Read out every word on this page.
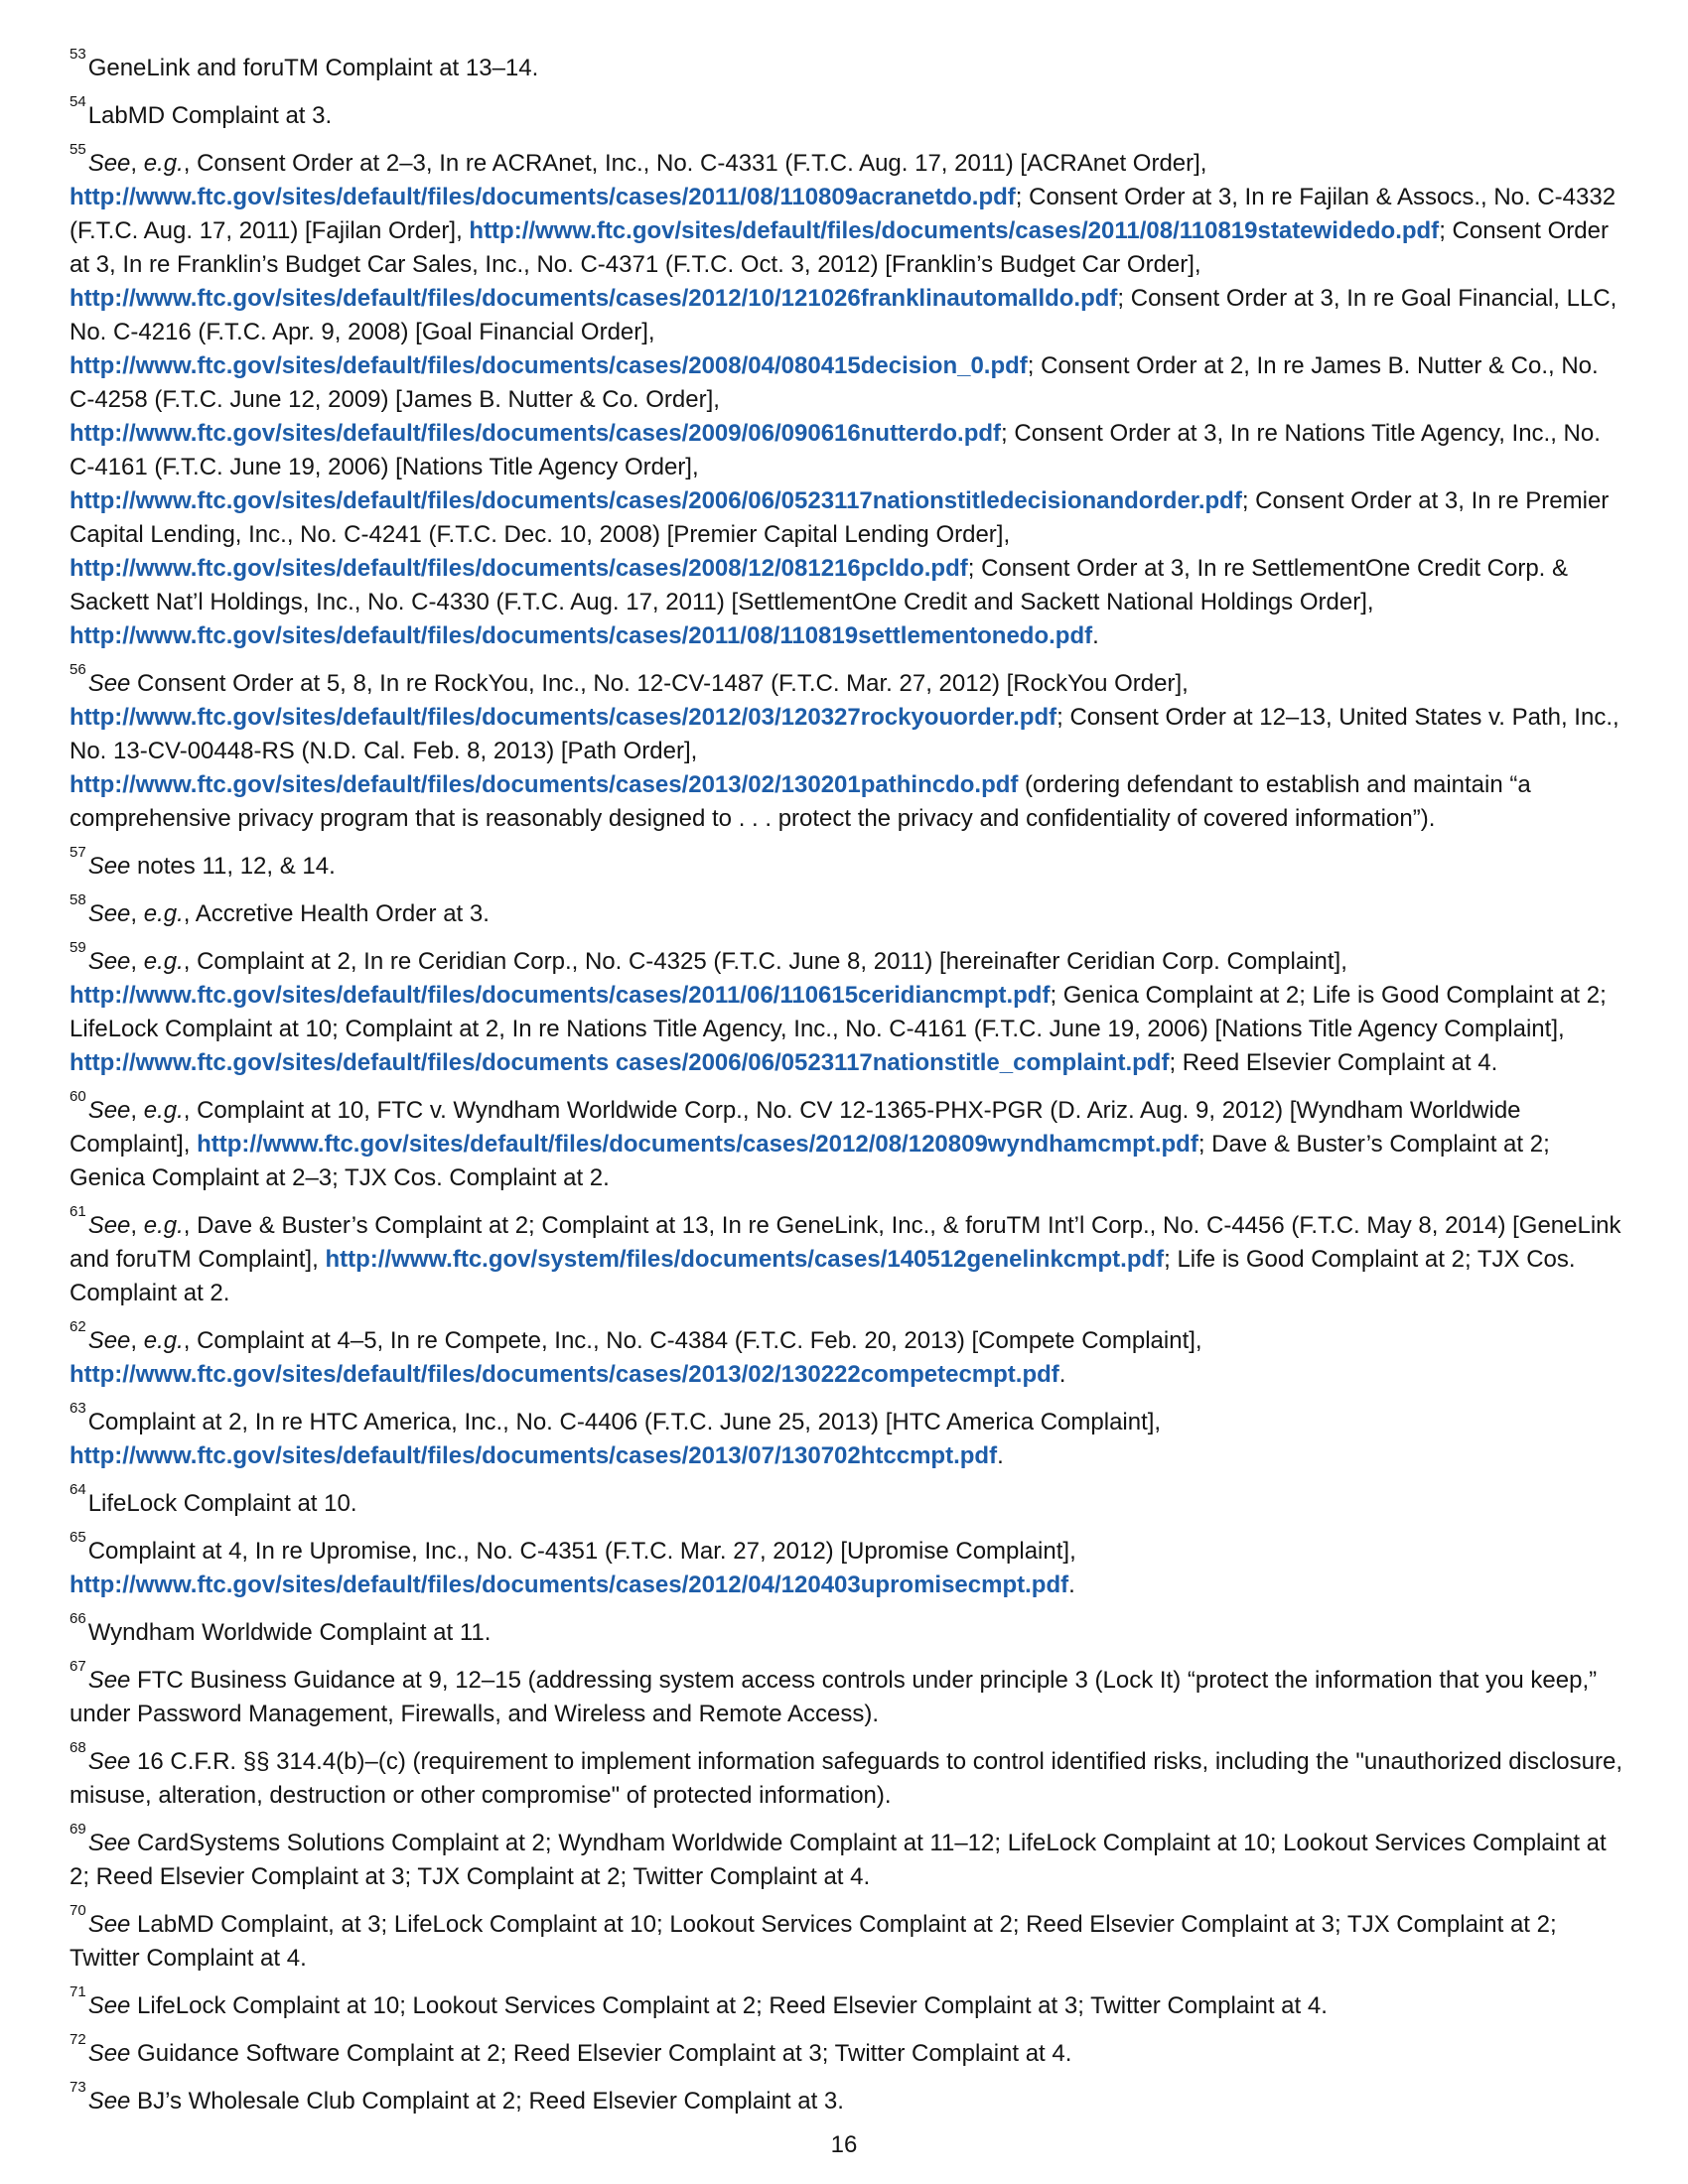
$^{53}$GeneLink and foruTM Complaint at 13–14.

$^{54}$LabMD Complaint at 3.

$^{55}$See, e.g., Consent Order at 2–3, In re ACRAnet, Inc., No. C-4331 (F.T.C. Aug. 17, 2011) [ACRAnet Order], http://www.ftc.gov/sites/default/files/documents/cases/2011/08/110809acranetdo.pdf; Consent Order at 3, In re Fajilan & Assocs., No. C-4332 (F.T.C. Aug. 17, 2011) [Fajilan Order], http://www.ftc.gov/sites/default/files/documents/cases/2011/08/110819statewidedo.pdf; Consent Order at 3, In re Franklin’s Budget Car Sales, Inc., No. C-4371 (F.T.C. Oct. 3, 2012) [Franklin’s Budget Car Order], http://www.ftc.gov/sites/default/files/documents/cases/2012/10/121026franklinautomalldo.pdf; Consent Order at 3, In re Goal Financial, LLC, No. C-4216 (F.T.C. Apr. 9, 2008) [Goal Financial Order], http://www.ftc.gov/sites/default/files/documents/cases/2008/04/080415decision_0.pdf; Consent Order at 2, In re James B. Nutter & Co., No. C-4258 (F.T.C. June 12, 2009) [James B. Nutter & Co. Order], http://www.ftc.gov/sites/default/files/documents/cases/2009/06/090616nutterdo.pdf; Consent Order at 3, In re Nations Title Agency, Inc., No. C-4161 (F.T.C. June 19, 2006) [Nations Title Agency Order], http://www.ftc.gov/sites/default/files/documents/cases/2006/06/0523117nationstitledecisionandorder.pdf; Consent Order at 3, In re Premier Capital Lending, Inc., No. C-4241 (F.T.C. Dec. 10, 2008) [Premier Capital Lending Order], http://www.ftc.gov/sites/default/files/documents/cases/2008/12/081216pcldo.pdf; Consent Order at 3, In re SettlementOne Credit Corp. & Sackett Nat’l Holdings, Inc., No. C-4330 (F.T.C. Aug. 17, 2011) [SettlementOne Credit and Sackett National Holdings Order], http://www.ftc.gov/sites/default/files/documents/cases/2011/08/110819settlementonedo.pdf.

$^{56}$See Consent Order at 5, 8, In re RockYou, Inc., No. 12-CV-1487 (F.T.C. Mar. 27, 2012) [RockYou Order], http://www.ftc.gov/sites/default/files/documents/cases/2012/03/120327rockyouorder.pdf; Consent Order at 12–13, United States v. Path, Inc., No. 13-CV-00448-RS (N.D. Cal. Feb. 8, 2013) [Path Order], http://www.ftc.gov/sites/default/files/documents/cases/2013/02/130201pathincdo.pdf (ordering defendant to establish and maintain “a comprehensive privacy program that is reasonably designed to . . . protect the privacy and confidentiality of covered information”).

$^{57}$See notes 11, 12, & 14.

$^{58}$See, e.g., Accretive Health Order at 3.

$^{59}$See, e.g., Complaint at 2, In re Ceridian Corp., No. C-4325 (F.T.C. June 8, 2011) [hereinafter Ceridian Corp. Complaint], http://www.ftc.gov/sites/default/files/documents/cases/2011/06/110615ceridiancmpt.pdf; Genica Complaint at 2; Life is Good Complaint at 2; LifeLock Complaint at 10; Complaint at 2, In re Nations Title Agency, Inc., No. C-4161 (F.T.C. June 19, 2006) [Nations Title Agency Complaint], http://www.ftc.gov/sites/default/files/documents cases/2006/06/0523117nationstitle_complaint.pdf; Reed Elsevier Complaint at 4.

$^{60}$See, e.g., Complaint at 10, FTC v. Wyndham Worldwide Corp., No. CV 12-1365-PHX-PGR (D. Ariz. Aug. 9, 2012) [Wyndham Worldwide Complaint], http://www.ftc.gov/sites/default/files/documents/cases/2012/08/120809wyndhamcmpt.pdf; Dave & Buster’s Complaint at 2; Genica Complaint at 2–3; TJX Cos. Complaint at 2.

$^{61}$See, e.g., Dave & Buster’s Complaint at 2; Complaint at 13, In re GeneLink, Inc., & foruTM Int’l Corp., No. C-4456 (F.T.C. May 8, 2014) [GeneLink and foruTM Complaint], http://www.ftc.gov/system/files/documents/cases/140512genelinkcmpt.pdf; Life is Good Complaint at 2; TJX Cos. Complaint at 2.

$^{62}$See, e.g., Complaint at 4–5, In re Compete, Inc., No. C-4384 (F.T.C. Feb. 20, 2013) [Compete Complaint], http://www.ftc.gov/sites/default/files/documents/cases/2013/02/130222competecmpt.pdf.

$^{63}$Complaint at 2, In re HTC America, Inc., No. C-4406 (F.T.C. June 25, 2013) [HTC America Complaint], http://www.ftc.gov/sites/default/files/documents/cases/2013/07/130702htccmpt.pdf.

$^{64}$LifeLock Complaint at 10.

$^{65}$Complaint at 4, In re Upromise, Inc., No. C-4351 (F.T.C. Mar. 27, 2012) [Upromise Complaint], http://www.ftc.gov/sites/default/files/documents/cases/2012/04/120403upromisecmpt.pdf.

$^{66}$Wyndham Worldwide Complaint at 11.

$^{67}$See FTC Business Guidance at 9, 12–15 (addressing system access controls under principle 3 (Lock It) “protect the information that you keep,” under Password Management, Firewalls, and Wireless and Remote Access).

$^{68}$See 16 C.F.R. §§ 314.4(b)–(c) (requirement to implement information safeguards to control identified risks, including the "unauthorized disclosure, misuse, alteration, destruction or other compromise" of protected information).

$^{69}$See CardSystems Solutions Complaint at 2; Wyndham Worldwide Complaint at 11–12; LifeLock Complaint at 10; Lookout Services Complaint at 2; Reed Elsevier Complaint at 3; TJX Complaint at 2; Twitter Complaint at 4.

$^{70}$See LabMD Complaint, at 3; LifeLock Complaint at 10; Lookout Services Complaint at 2; Reed Elsevier Complaint at 3; TJX Complaint at 2; Twitter Complaint at 4.

$^{71}$See LifeLock Complaint at 10; Lookout Services Complaint at 2; Reed Elsevier Complaint at 3; Twitter Complaint at 4.

$^{72}$See Guidance Software Complaint at 2; Reed Elsevier Complaint at 3; Twitter Complaint at 4.

$^{73}$See BJ’s Wholesale Club Complaint at 2; Reed Elsevier Complaint at 3.

16
